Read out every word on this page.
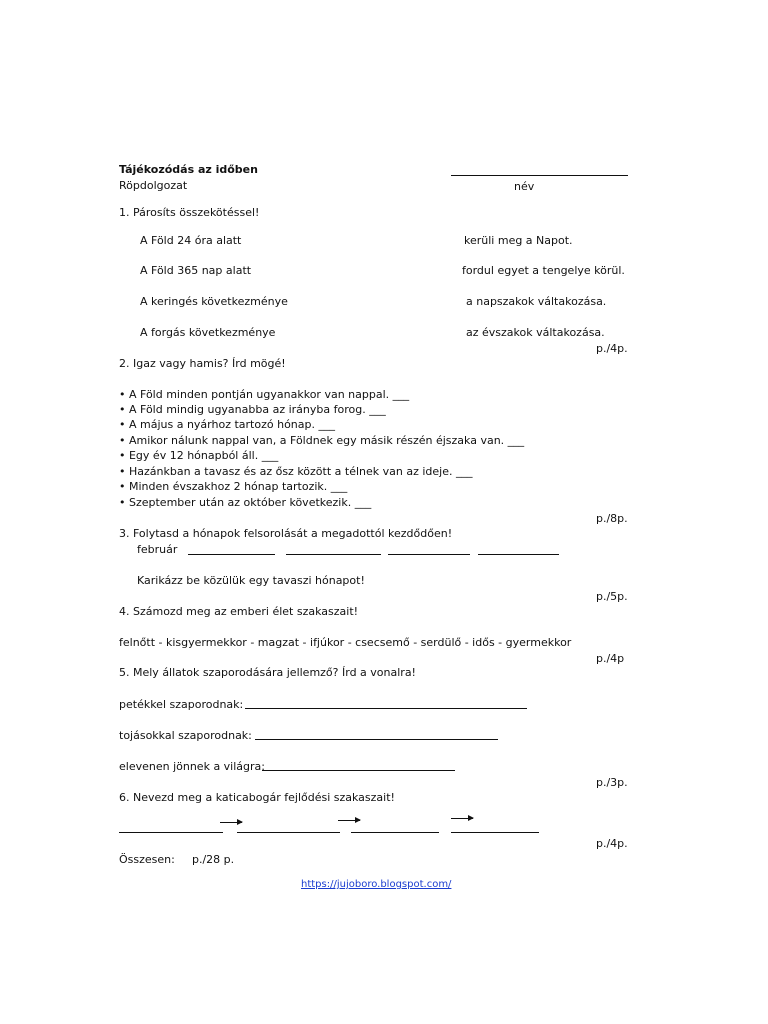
Tájékozódás az időben
Röpdolgozat	név
1. Párosíts összekötéssel!
A Föld 24 óra alatt	kerüli meg a Napot.
A Föld 365 nap alatt	fordul egyet a tengelye körül.
A keringés következménye	a napszakok váltakozása.
A forgás következménye	az évszakok váltakozása.
p./4p.
2. Igaz vagy hamis? Írd mögé!
• A Föld minden pontján ugyanakkor van nappal. ___
• A Föld mindig ugyanabba az irányba forog. ___
• A május a nyárhoz tartozó hónap. ___
• Amikor nálunk nappal van, a Földnek egy másik részén éjszaka van. ___
• Egy év 12 hónapból áll. ___
• Hazánkban a tavasz és az ősz között a télnek van az ideje. ___
• Minden évszakhoz 2 hónap tartozik. ___
• Szeptember után az október következik. ___
p./8p.
3. Folytasd a hónapok felsorolását a megadottól kezdődően!
február
Karikázz be közülük egy tavaszi hónapot!
p./5p.
4. Számozd meg az emberi élet szakaszait!
felnőtt - kisgyermekkor - magzat - ifjúkor - csecsemő - serdülő - idős - gyermekkor
p./4p
5. Mely állatok szaporodására jellemző? Írd a vonalra!
petékkel szaporodnak:
tojásokkal szaporodnak:
elevenen jönnek a világra:
p./3p.
6. Nevezd meg a katicabogár fejlődési szakaszait!
p./4p.
Összesen: p./28 p.
https://jujoboro.blogspot.com/
